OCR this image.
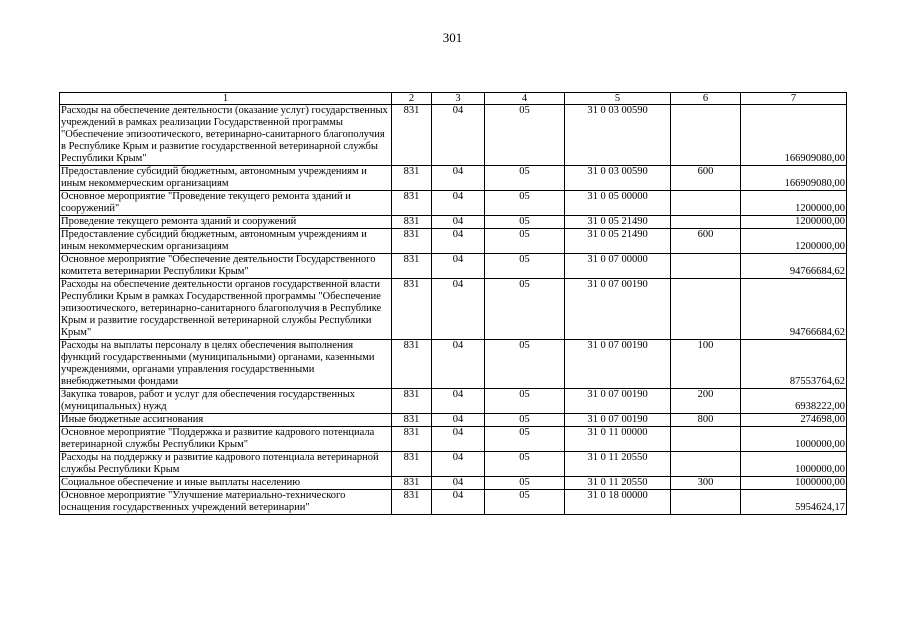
301
1	2	3	4	5	6	7
Расходы на обеспечение деятельности (оказание услуг) государственных учреждений в рамках реализации Государственной программы "Обеспечение эпизоотического, ветеринарно-санитарного благополучия в Республике Крым и развитие государственной ветеринарной службы Республики Крым"	831	04	05	31 0 03 00590		166909080,00
Предоставление субсидий бюджетным, автономным учреждениям и иным некоммерческим организациям	831	04	05	31 0 03 00590	600	166909080,00
Основное мероприятие "Проведение текущего ремонта зданий и сооружений"	831	04	05	31 0 05 00000		1200000,00
Проведение текущего ремонта зданий и сооружений	831	04	05	31 0 05 21490		1200000,00
Предоставление субсидий бюджетным, автономным учреждениям и иным некоммерческим организациям	831	04	05	31 0 05 21490	600	1200000,00
Основное мероприятие "Обеспечение деятельности Государственного комитета ветеринарии Республики Крым"	831	04	05	31 0 07 00000		94766684,62
Расходы на обеспечение деятельности органов государственной власти Республики Крым в рамках Государственной программы "Обеспечение эпизоотического, ветеринарно-санитарного благополучия в Республике Крым и развитие государственной ветеринарной службы Республики Крым"	831	04	05	31 0 07 00190		94766684,62
Расходы на выплаты персоналу в целях обеспечения выполнения функций государственными (муниципальными) органами, казенными учреждениями, органами управления государственными внебюджетными фондами	831	04	05	31 0 07 00190	100	87553764,62
Закупка товаров, работ и услуг для обеспечения государственных (муниципальных) нужд	831	04	05	31 0 07 00190	200	6938222,00
Иные бюджетные ассигнования	831	04	05	31 0 07 00190	800	274698,00
Основное мероприятие "Поддержка и развитие кадрового потенциала ветеринарной службы Республики Крым"	831	04	05	31 0 11 00000		1000000,00
Расходы на поддержку и развитие кадрового потенциала ветеринарной службы Республики Крым	831	04	05	31 0 11 20550		1000000,00
Социальное обеспечение и иные выплаты населению	831	04	05	31 0 11 20550	300	1000000,00
Основное мероприятие "Улучшение материально-технического оснащения государственных учреждений ветеринарии"	831	04	05	31 0 18 00000		5954624,17
